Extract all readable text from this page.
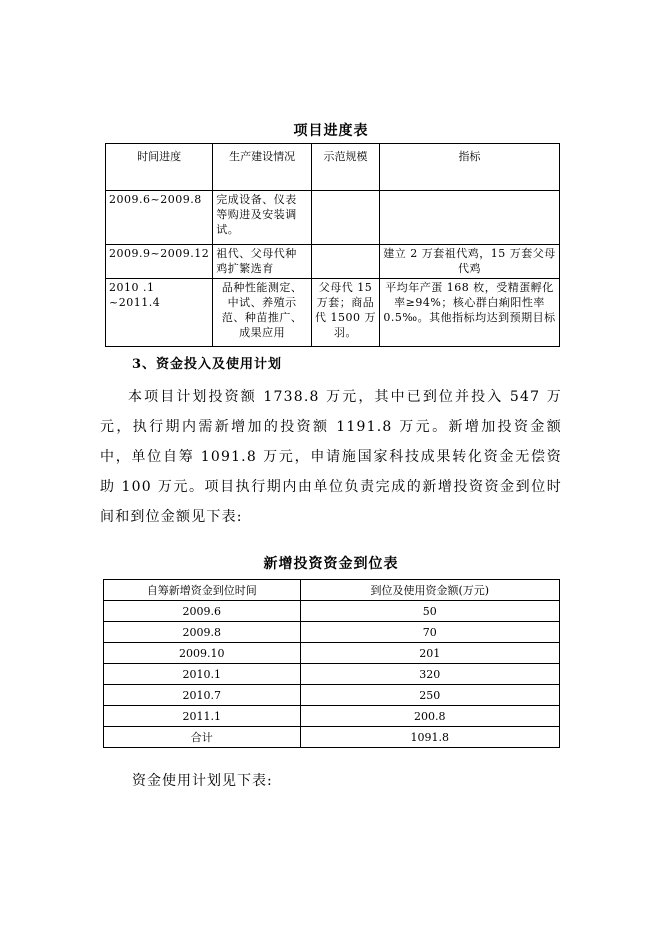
项目进度表
时间进度	生产建设情况	示范规模	指标
2009.6~2009.8	完成设备、仪表等购进及安装调试。		
2009.9~2009.12	祖代、父母代种鸡扩繁选育		建立 2 万套祖代鸡，15 万套父母代鸡
2010 .1 ~2011.4	品种性能测定、中试、养殖示范、种苗推广、成果应用	父母代 15 万套；商品代 1500 万羽。	平均年产蛋 168 枚，受精蛋孵化率≥94%；核心群白痢阳性率 0.5‰。其他指标均达到预期目标
3、资金投入及使用计划

本项目计划投资额 1738.8 万元，其中已到位并投入 547 万元，执行期内需新增加的投资额 1191.8 万元。新增加投资金额中，单位自筹 1091.8 万元，申请施国家科技成果转化资金无偿资助 100 万元。项目执行期内由单位负责完成的新增投资资金到位时间和到位金额见下表:

新增投资资金到位表
自筹新增资金到位时间	到位及使用资金额(万元)
2009.6	50
2009.8	70
2009.10	201
2010.1	320
2010.7	250
2011.1	200.8
合计	1091.8
资金使用计划见下表:
